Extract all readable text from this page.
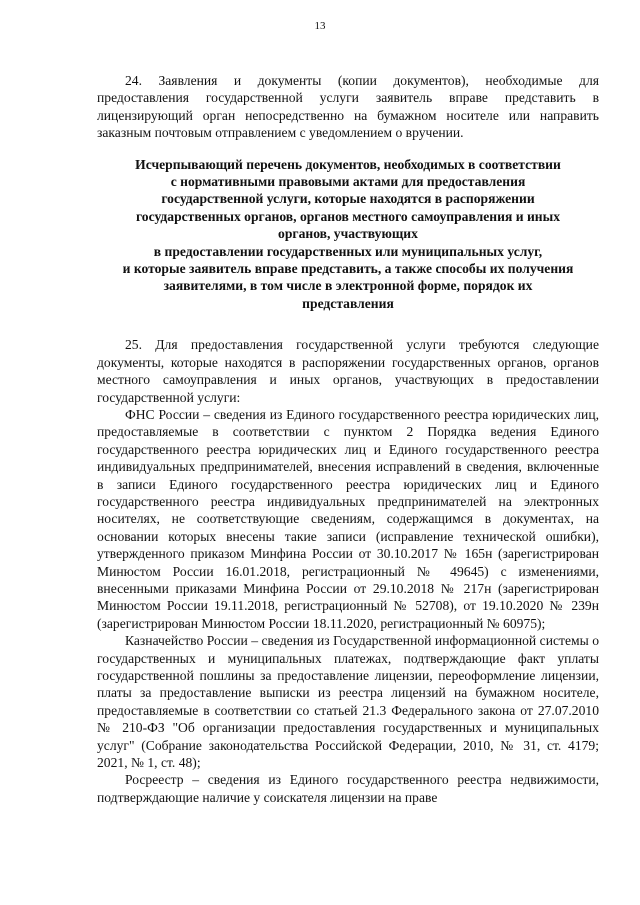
13

24. Заявления и документы (копии документов), необходимые для предоставления государственной услуги заявитель вправе представить в лицензирующий орган непосредственно на бумажном носителе или направить заказным почтовым отправлением с уведомлением о вручении.

Исчерпывающий перечень документов, необходимых в соответствии
с нормативными правовыми актами для предоставления
государственной услуги, которые находятся в распоряжении
государственных органов, органов местного самоуправления и иных
органов, участвующих
в предоставлении государственных или муниципальных услуг,
и которые заявитель вправе представить, а также способы их получения
заявителями, в том числе в электронной форме, порядок их
представления

25. Для предоставления государственной услуги требуются следующие документы, которые находятся в распоряжении государственных органов, органов местного самоуправления и иных органов, участвующих в предоставлении государственной услуги:

ФНС России – сведения из Единого государственного реестра юридических лиц, предоставляемые в соответствии с пунктом 2 Порядка ведения Единого государственного реестра юридических лиц и Единого государственного реестра индивидуальных предпринимателей, внесения исправлений в сведения, включенные в записи Единого государственного реестра юридических лиц и Единого государственного реестра индивидуальных предпринимателей на электронных носителях, не соответствующие сведениям, содержащимся в документах, на основании которых внесены такие записи (исправление технической ошибки), утвержденного приказом Минфина России от 30.10.2017 № 165н (зарегистрирован Минюстом России 16.01.2018, регистрационный № 49645) с изменениями, внесенными приказами Минфина России от 29.10.2018 № 217н (зарегистрирован Минюстом России 19.11.2018, регистрационный № 52708), от 19.10.2020 № 239н (зарегистрирован Минюстом России 18.11.2020, регистрационный № 60975);

Казначейство России – сведения из Государственной информационной системы о государственных и муниципальных платежах, подтверждающие факт уплаты государственной пошлины за предоставление лицензии, переоформление лицензии, платы за предоставление выписки из реестра лицензий на бумажном носителе, предоставляемые в соответствии со статьей 21.3 Федерального закона от 27.07.2010 № 210-ФЗ "Об организации предоставления государственных и муниципальных услуг" (Собрание законодательства Российской Федерации, 2010, № 31, ст. 4179; 2021, № 1, ст. 48);

Росреестр – сведения из Единого государственного реестра недвижимости, подтверждающие наличие у соискателя лицензии на праве
